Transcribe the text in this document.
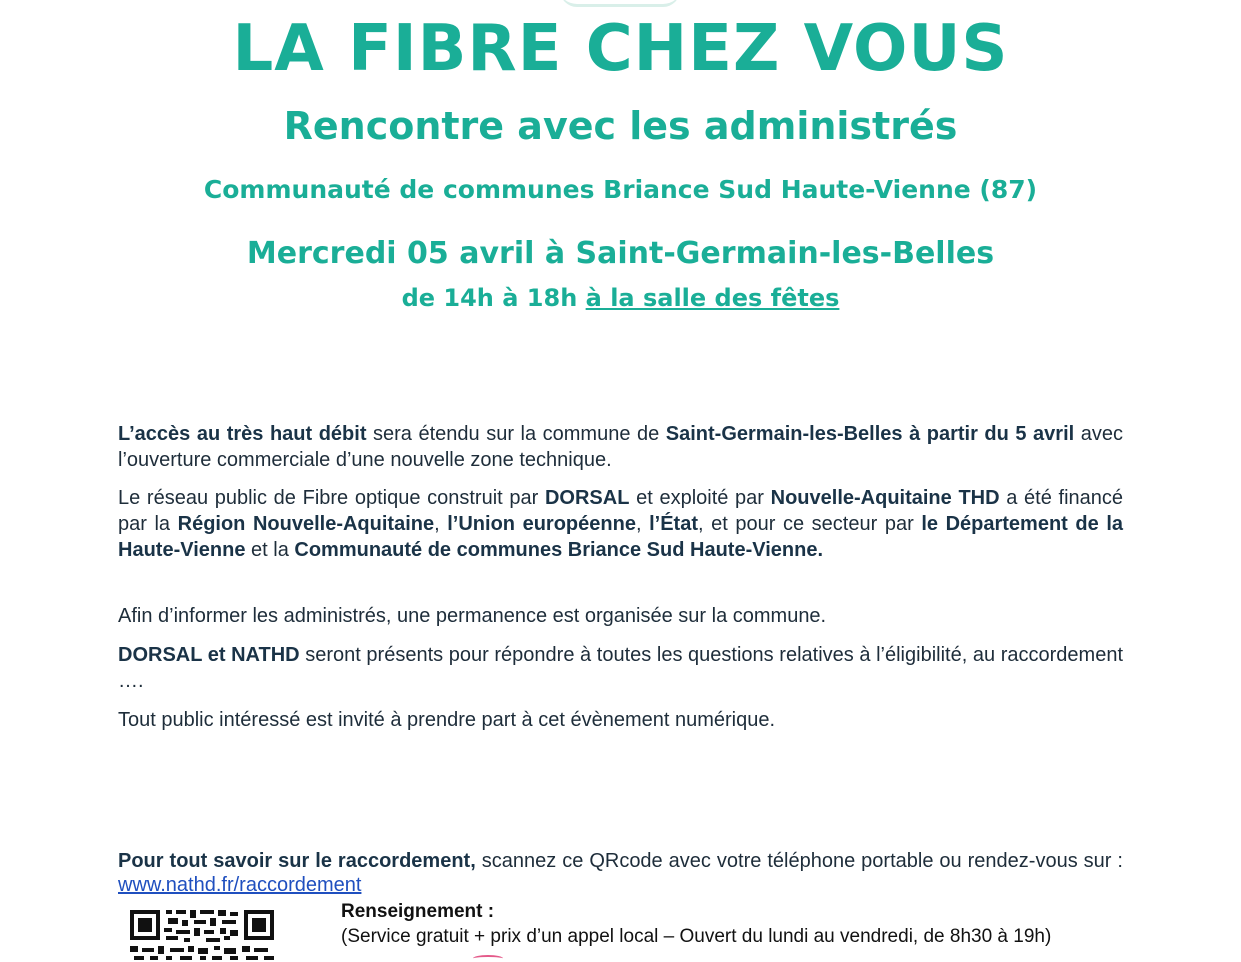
LA FIBRE CHEZ VOUS
Rencontre avec les administrés
Communauté de communes Briance Sud Haute-Vienne (87)
Mercredi 05 avril à Saint-Germain-les-Belles
de 14h à 18h à la salle des fêtes
L’accès au très haut débit sera étendu sur la commune de Saint-Germain-les-Belles à partir du 5 avril avec l’ouverture commerciale d’une nouvelle zone technique.
Le réseau public de Fibre optique construit par DORSAL et exploité par Nouvelle-Aquitaine THD a été financé par la Région Nouvelle-Aquitaine, l’Union européenne, l’État, et pour ce secteur par le Département de la Haute-Vienne et la Communauté de communes Briance Sud Haute-Vienne.
Afin d’informer les administrés, une permanence est organisée sur la commune.
DORSAL et NATHD seront présents pour répondre à toutes les questions relatives à l’éligibilité, au raccordement ….
Tout public intéressé est invité à prendre part à cet évènement numérique.
Pour tout savoir sur le raccordement, scannez ce QRcode avec votre téléphone portable ou rendez-vous sur : www.nathd.fr/raccordement
Renseignement :
(Service gratuit + prix d’un appel local – Ouvert du lundi au vendredi, de 8h30 à 19h)
